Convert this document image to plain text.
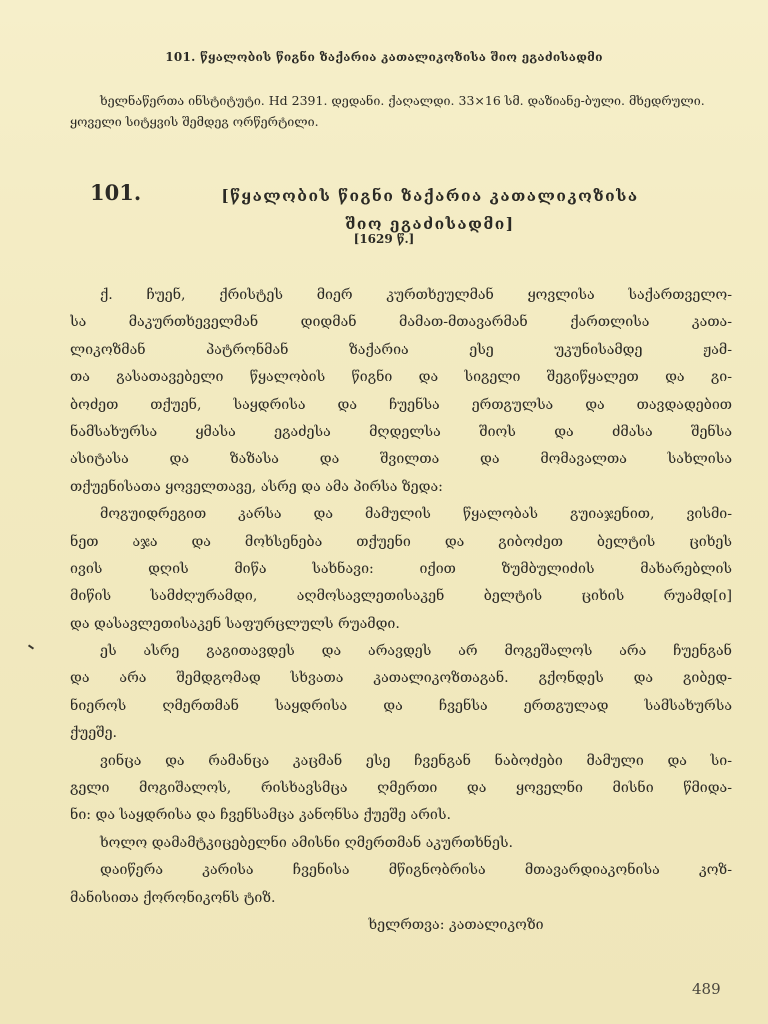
101. წყალობის წიგნი ზაქარია კათალიკოზისა შიო ეგაძისადმი
ხელნაწერთა ინსტიტუტი. Hd 2391. დედანი. ქაღალდი. 33×16 სმ. დაზიანე-ბული. მხედრული. ყოველი სიტყვის შემდეგ ორწერტილი.
101.	[წყალობის წიგნი ზაქარია კათალიკოზისა
შიო ეგაძისადმი]
[1629 წ.]
ქ. ჩუენ, ქრისტეს მიერ კურთხეულმან ყოვლისა საქართველო-
სა მაკურთხეველმან დიდმან მამათ-მთავარმან ქართლისა კათა-
ლიკოზმან პატრონმან ზაქარია ესე უკუნისამდე ჟამ-
თა გასათავებელი წყალობის წიგნი და სიგელი შეგიწყალეთ და გი-
ბოძეთ თქუენ, საყდრისა და ჩუენსა ერთგულსა და თავდადებით
ნამსახურსა ყმასა ეგაძესა მღდელსა შიოს და ძმასა შენსა
ასიტასა და ზაზასა და შვილთა და მომავალთა სახლისა
თქუენისათა ყოველთავე, ასრე და ამა პირსა ზედა:
მოგუიდრეგით კარსა და მამულის წყალობას გუიაჯენით, ვისმი-
ნეთ აჯა და მოხსენება თქუენი და გიბოძეთ ბელტის ციხეს
ივის დღის მიწა სახნავი: იქით ზუმბულიძის მახარებლის
მიწის სამძღურამდი, აღმოსავლეთისაკენ ბელტის ციხის რუამდ[ი]
და დასავლეთისაკენ საფურცლულს რუამდი.
ეს ასრე გაგითავდეს და არავდეს არ მოგეშალოს არა ჩუენგან
და არა შემდგომად სხვათა კათალიკოზთაგან. გქონდეს და გიბედ-
ნიეროს ღმერთმან საყდრისა და ჩვენსა ერთგულად სამსახურსა
ქუეშე.
ვინცა და რამანცა კაცმან ესე ჩვენგან ნაბოძები მამული და სი-
გელი მოგიშალოს, რისხავსმცა ღმერთი და ყოველნი მისნი წმიდა-
ნი: და საყდრისა და ჩვენსამცა კანონსა ქუეშე არის.
ხოლო დამამტკიცებელნი ამისნი ღმერთმან აკურთხნეს.
დაიწერა კარისა ჩვენისა მწიგნობრისა მთავარდიაკონისა კოზ-
მანისითა ქორონიკონს ტიზ.
ხელრთვა: კათალიკოზი
489
